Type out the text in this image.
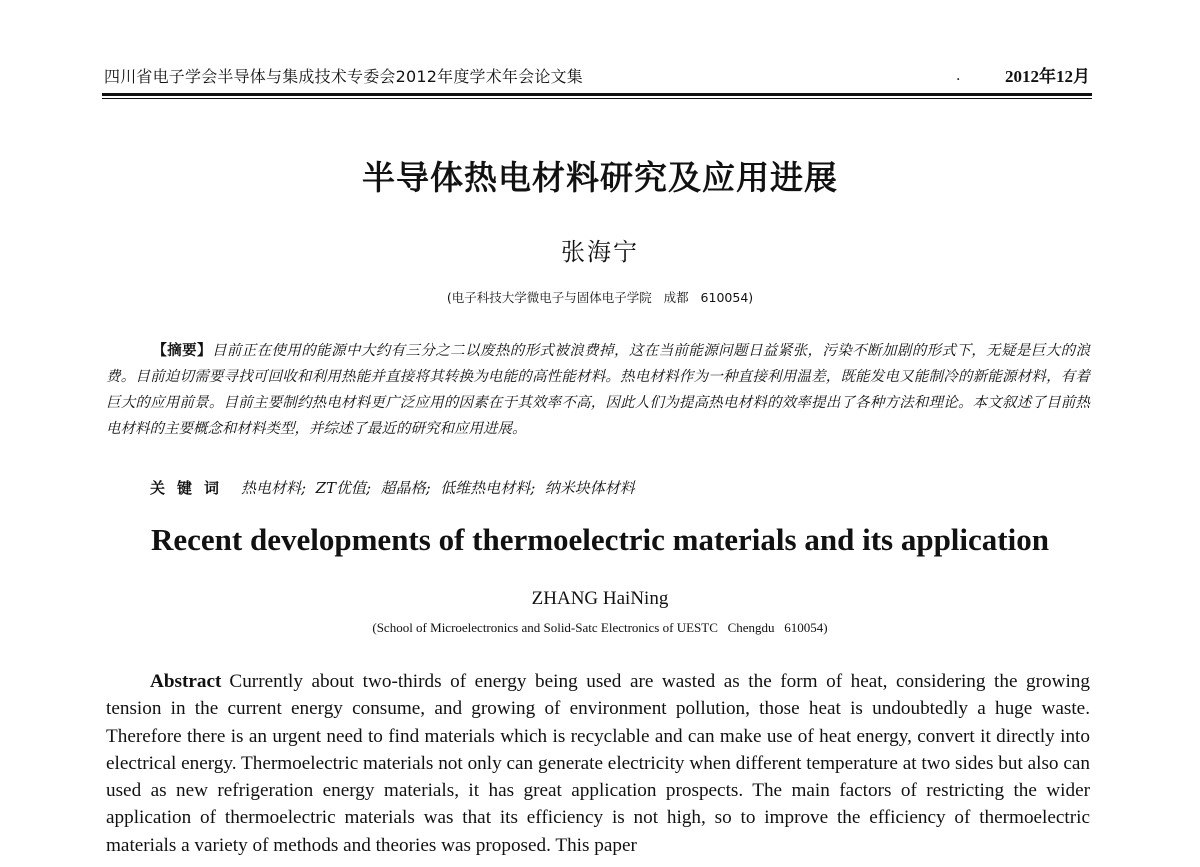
四川省电子学会半导体与集成技术专委会2012年度学术年会论文集	.	2012年12月
半导体热电材料研究及应用进展
张海宁
(电子科技大学微电子与固体电子学院   成都   610054)
【摘要】目前正在使用的能源中大约有三分之二以废热的形式被浪费掉，这在当前能源问题日益紧张，污染不断加剧的形式下，无疑是巨大的浪费。目前迫切需要寻找可回收和利用热能并直接将其转换为电能的高性能材料。热电材料作为一种直接利用温差，既能发电又能制冷的新能源材料，有着巨大的应用前景。目前主要制约热电材料更广泛应用的因素在于其效率不高，因此人们为提高热电材料的效率提出了各种方法和理论。本文叙述了目前热电材料的主要概念和材料类型，并综述了最近的研究和应用进展。
关键词 热电材料;  ZT优值;  超晶格;  低维热电材料;  纳米块体材料
Recent developments of thermoelectric materials and its application
ZHANG HaiNing
(School of Microelectronics and Solid-Satc Electronics of UESTC   Chengdu   610054)
Abstract Currently about two-thirds of energy being used are wasted as the form of heat, considering the growing tension in the current energy consume, and growing of environment pollution, those heat is undoubtedly a huge waste. Therefore there is an urgent need to find materials which is recyclable and can make use of heat energy, convert it directly into electrical energy. Thermoelectric materials not only can generate electricity when different temperature at two sides but also can used as new refrigeration energy materials, it has great application prospects. The main factors of restricting the wider application of thermoelectric materials was that its efficiency is not high, so to improve the efficiency of thermoelectric materials a variety of methods and theories was proposed. This paper
